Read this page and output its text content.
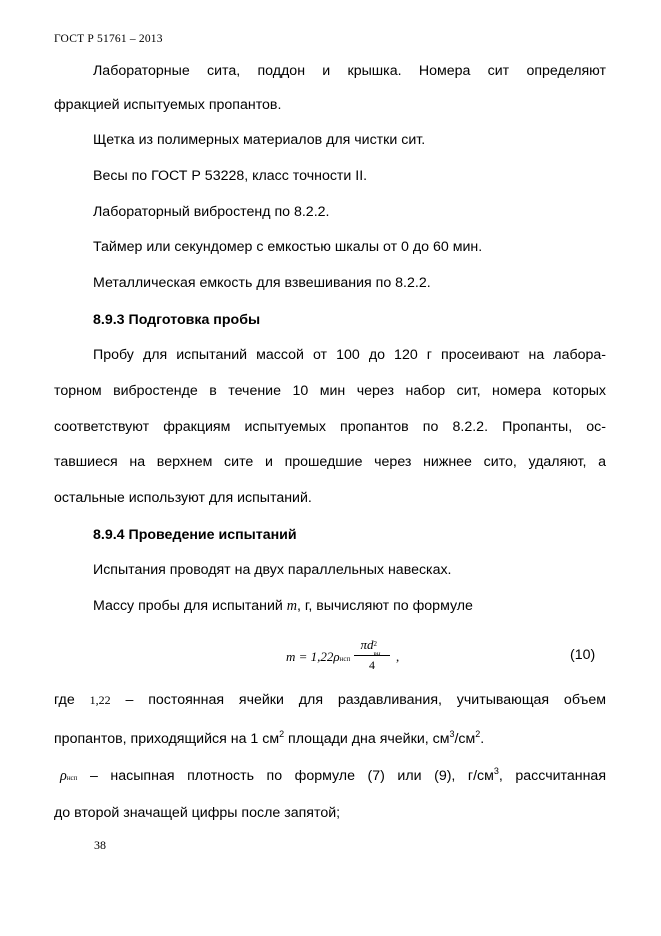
ГОСТ Р 51761 – 2013
Лабораторные сита, поддон и крышка. Номера сит определяют
фракцией испытуемых пропантов.
Щетка из полимерных материалов для чистки сит.
Весы по ГОСТ Р 53228, класс точности II.
Лабораторный вибростенд по 8.2.2.
Таймер или секундомер с емкостью шкалы от 0 до 60 мин.
Металлическая емкость для взвешивания по 8.2.2.
8.9.3 Подготовка пробы
Пробу для испытаний массой от 100 до 120 г просеивают на лабора-
торном вибростенде в течение 10 мин через набор сит, номера которых
соответствуют фракциям испытуемых пропантов по 8.2.2. Пропанты, ос-
тавшиеся на верхнем сите и прошедшие через нижнее сито, удаляют, а
остальные используют для испытаний.
8.9.4 Проведение испытаний
Испытания проводят на двух параллельных навесках.
Массу пробы для испытаний m, г, вычисляют по формуле
m = 1,22ρнсп
πd 2
вн
4
,	(10)
где 1,22 – постоянная ячейки для раздавливания, учитывающая объем
пропантов, приходящийся на 1 $см^2$ площади дна ячейки, $см^3/см^2$.
ρнсп – насыпная плотность по формуле (7) или (9), $г/см^3$, рассчитанная
до второй значащей цифры после запятой;
38
